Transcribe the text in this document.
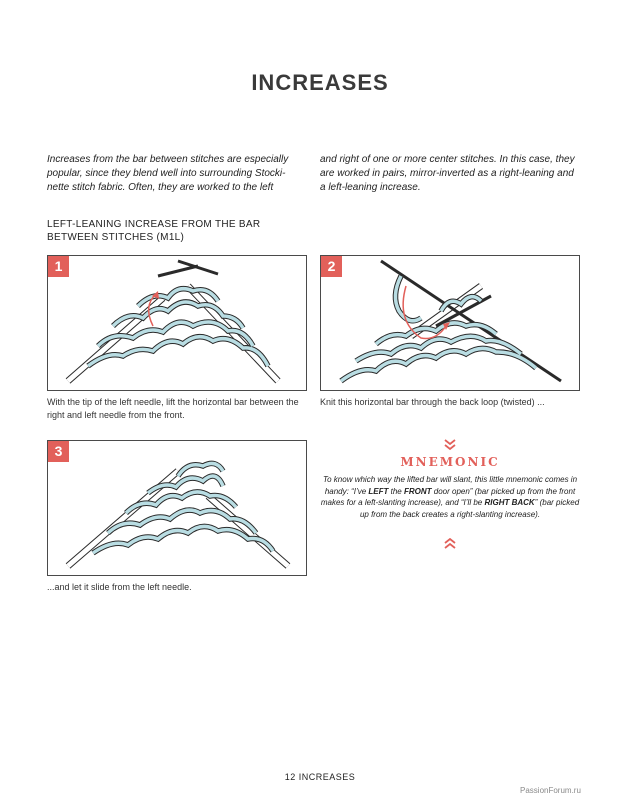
INCREASES
Increases from the bar between stitches are especially popular, since they blend well into surrounding Stocki-nette stitch fabric. Often, they are worked to the left
and right of one or more center stitches. In this case, they are worked in pairs, mirror-inverted as a right-leaning and a left-leaning increase.
LEFT-LEANING INCREASE FROM THE BAR
BETWEEN STITCHES (M1L)
1
With the tip of the left needle, lift the horizontal bar between the right and left needle from the front.
2
Knit this horizontal bar through the back loop (twisted) ...
3
...and let it slide from the left needle.
MNEMONIC
To know which way the lifted bar will slant, this little mnemonic comes in handy: “I’ve LEFT the FRONT door open” (bar picked up from the front makes for a left-slanting increase), and “I’ll be RIGHT BACK” (bar picked up from the back creates a right-slanting increase).
12 INCREASES
PassionForum.ru
